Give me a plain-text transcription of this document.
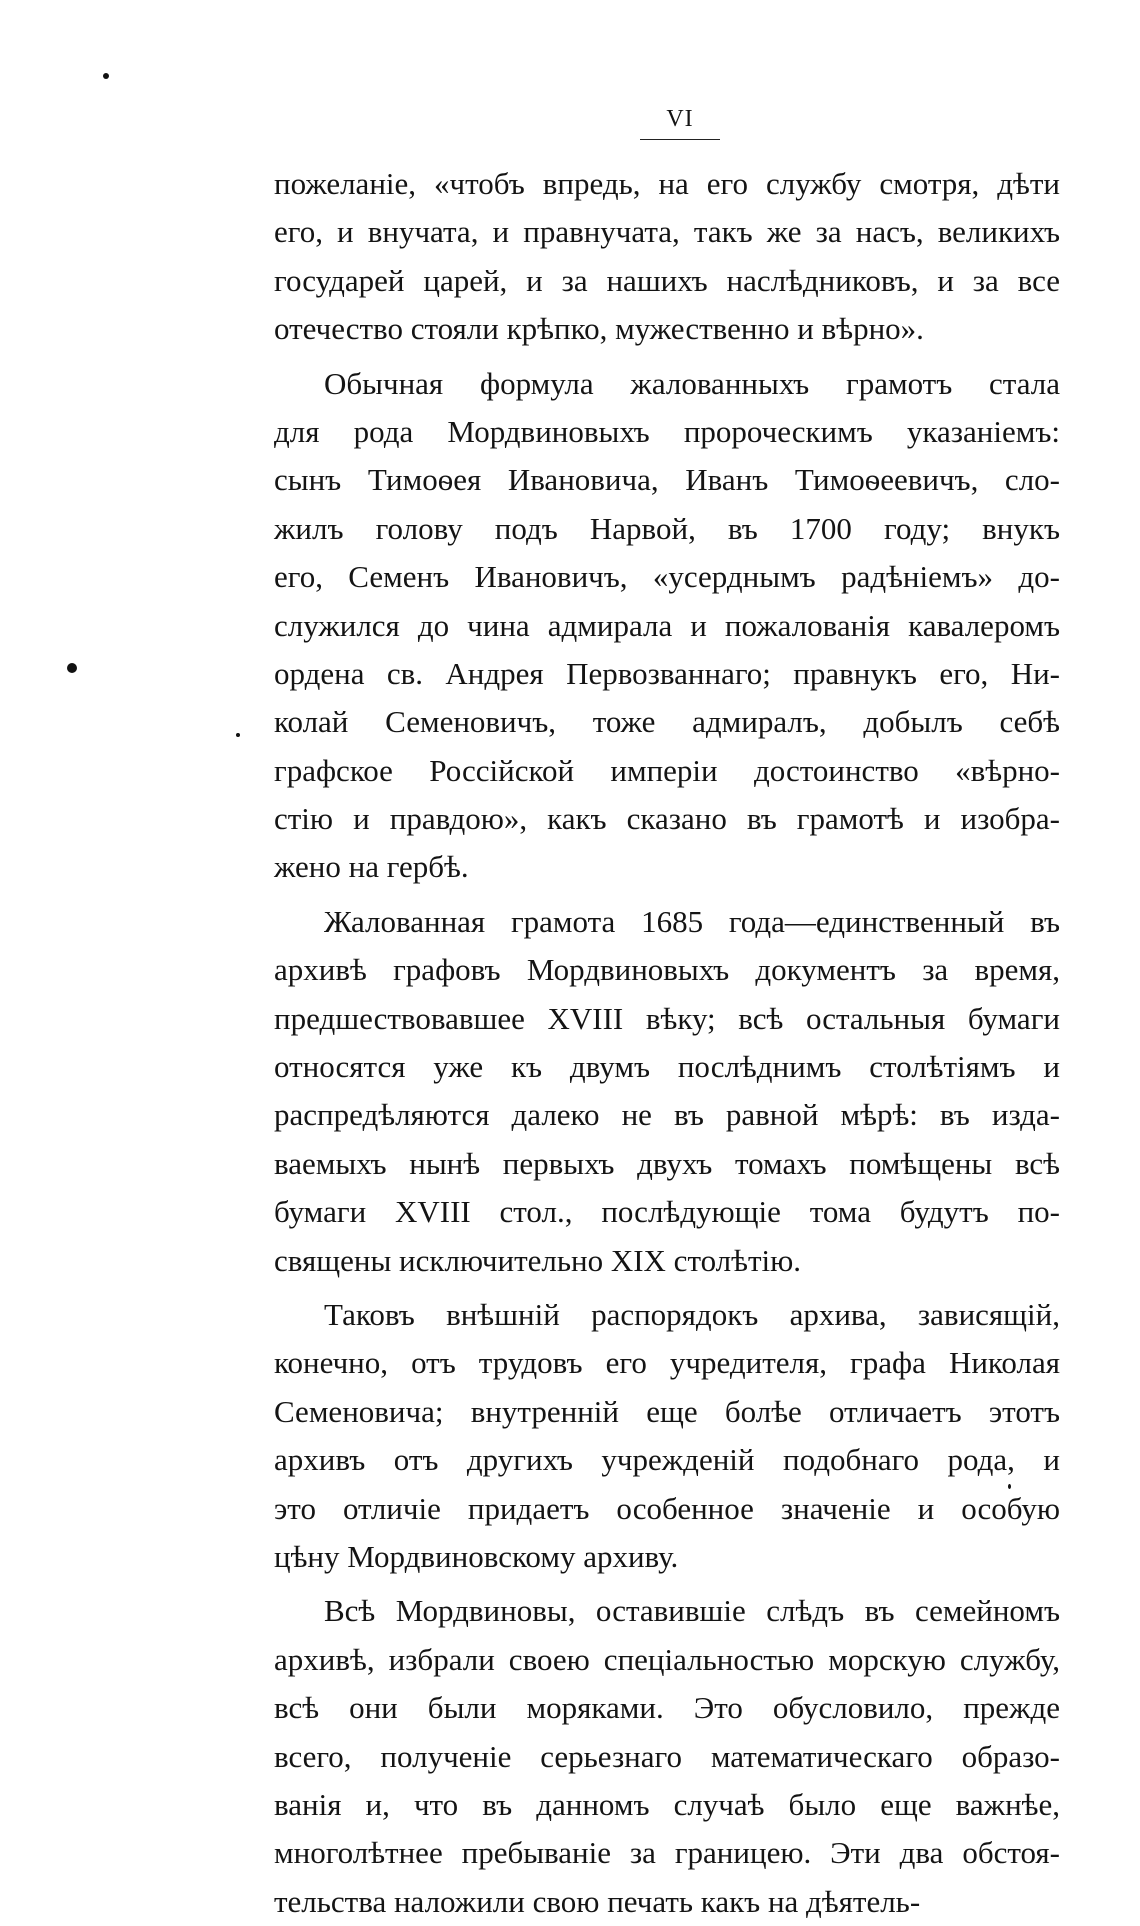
VI
пожеланіе, «чтобъ впредь, на его службу смотря, дѣти
его, и внучата, и правнучата, такъ же за насъ, великихъ
государей царей, и за нашихъ наслѣдниковъ, и за все
отечество стояли крѣпко, мужественно и вѣрно».
Обычная формула жалованныхъ грамотъ стала
для рода Мордвиновыхъ пророческимъ указаніемъ:
сынъ Тимоѳея Ивановича, Иванъ Тимоѳеевичъ, сло-
жилъ голову подъ Нарвой, въ 1700 году; внукъ
его, Семенъ Ивановичъ, «усерднымъ радѣніемъ» до-
служился до чина адмирала и пожалованія кавалеромъ
ордена св. Андрея Первозваннаго; правнукъ его, Ни-
колай Семеновичъ, тоже адмиралъ, добылъ себѣ
графское Россійской имперіи достоинство «вѣрно-
стію и правдою», какъ сказано въ грамотѣ и изобра-
жено на гербѣ.
Жалованная грамота 1685 года—единственный въ
архивѣ графовъ Мордвиновыхъ документъ за время,
предшествовавшее XVIII вѣку; всѣ остальныя бумаги
относятся уже къ двумъ послѣднимъ столѣтіямъ и
распредѣляются далеко не въ равной мѣрѣ: въ изда-
ваемыхъ нынѣ первыхъ двухъ томахъ помѣщены всѣ
бумаги XVIII стол., послѣдующіе тома будутъ по-
священы исключительно XIX столѣтію.
Таковъ внѣшній распорядокъ архива, зависящій,
конечно, отъ трудовъ его учредителя, графа Николая
Семеновича; внутренній еще болѣе отличаетъ этотъ
архивъ отъ другихъ учрежденій подобнаго рода, и
это отличіе придаетъ особенное значеніе и особую
цѣну Мордвиновскому архиву.
Всѣ Мордвиновы, оставившіе слѣдъ въ семейномъ
архивѣ, избрали своею спеціальностью морскую службу,
всѣ они были моряками. Это обусловило, прежде
всего, полученіе серьезнаго математическаго образо-
ванія и, что въ данномъ случаѣ было еще важнѣе,
многолѣтнее пребываніе за границею. Эти два обстоя-
тельства наложили свою печать какъ на дѣятель-
